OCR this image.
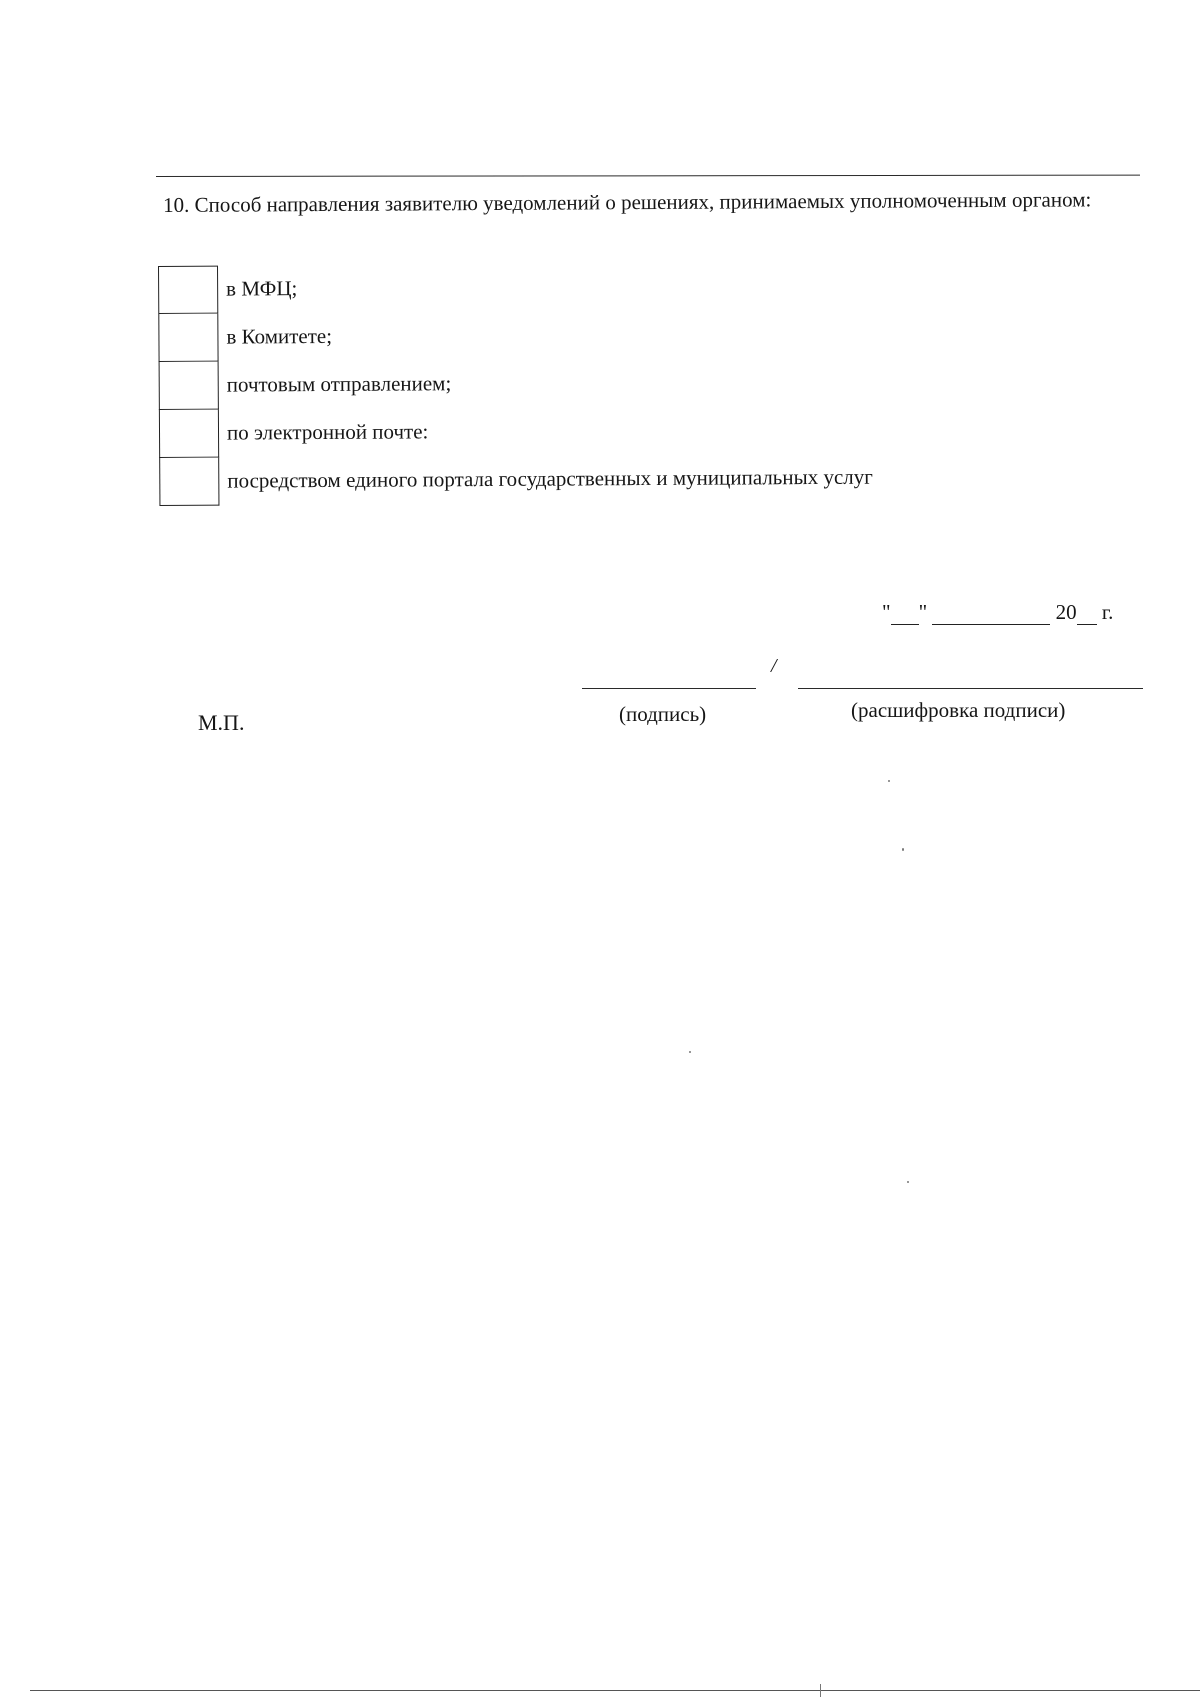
10. Способ направления заявителю уведомлений о решениях, принимаемых уполномоченным органом:
в МФЦ;
в Комитете;
почтовым отправлением;
по электронной почте:
посредством единого портала государственных и муниципальных услуг
" "	20 г.
/
(подпись)	(расшифровка подписи)
М.П.
